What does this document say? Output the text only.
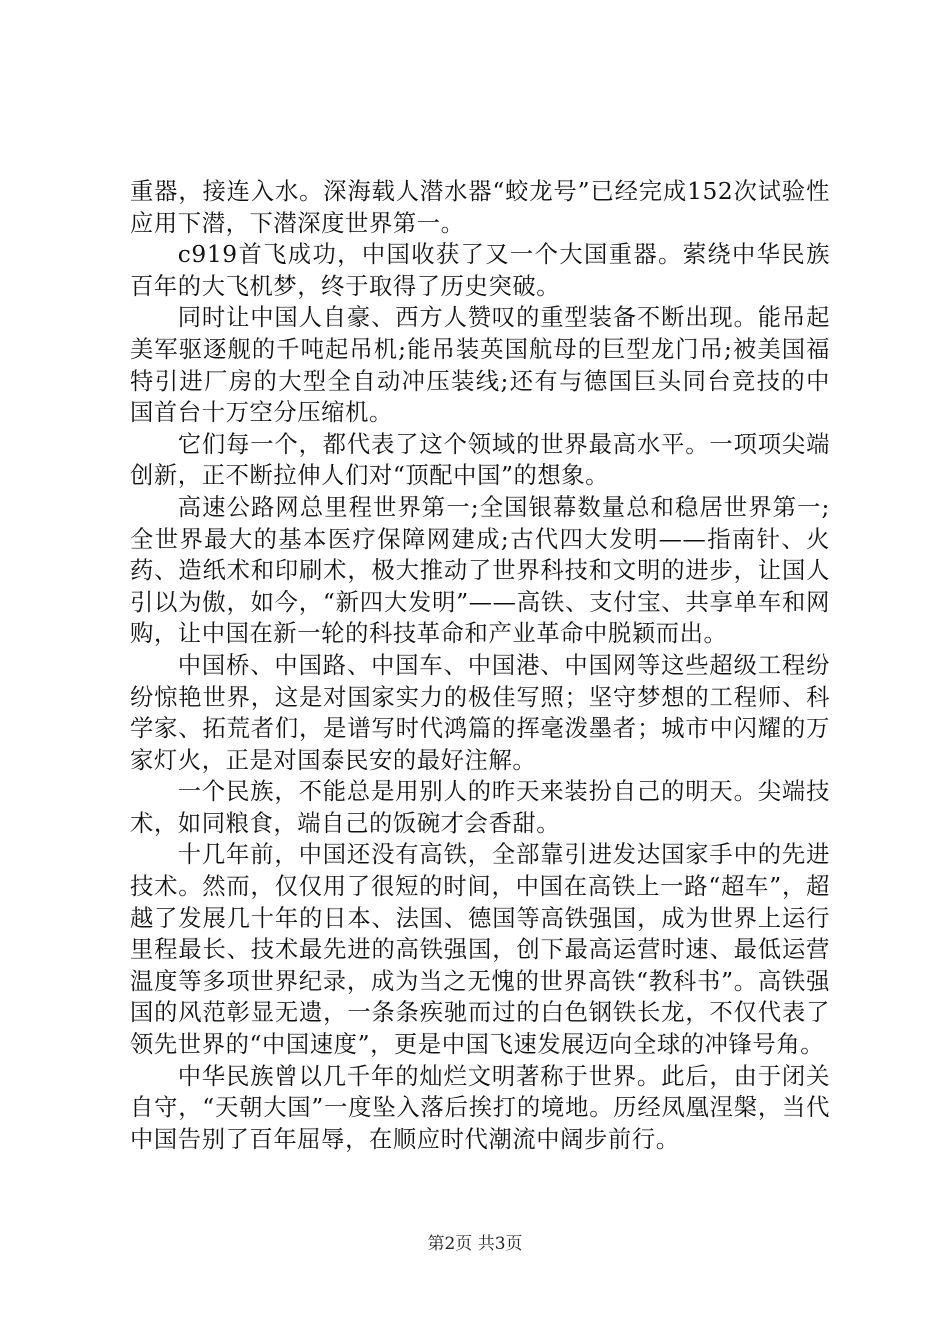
重器，接连入水。深海载人潜水器“蛟龙号”已经完成152次试验性应用下潜，下潜深度世界第一。

c919首飞成功，中国收获了又一个大国重器。萦绕中华民族百年的大飞机梦，终于取得了历史突破。

同时让中国人自豪、西方人赞叹的重型装备不断出现。能吊起美军驱逐舰的千吨起吊机;能吊装英国航母的巨型龙门吊;被美国福特引进厂房的大型全自动冲压装线;还有与德国巨头同台竞技的中国首台十万空分压缩机。

它们每一个，都代表了这个领域的世界最高水平。一项项尖端创新，正不断拉伸人们对“顶配中国”的想象。

高速公路网总里程世界第一;全国银幕数量总和稳居世界第一;全世界最大的基本医疗保障网建成;古代四大发明——指南针、火药、造纸术和印刷术，极大推动了世界科技和文明的进步，让国人引以为傲，如今，“新四大发明”——高铁、支付宝、共享单车和网购，让中国在新一轮的科技革命和产业革命中脱颖而出。

中国桥、中国路、中国车、中国港、中国网等这些超级工程纷纷惊艳世界，这是对国家实力的极佳写照；坚守梦想的工程师、科学家、拓荒者们，是谱写时代鸿篇的挥毫泼墨者；城市中闪耀的万家灯火，正是对国泰民安的最好注解。

一个民族，不能总是用别人的昨天来装扮自己的明天。尖端技术，如同粮食，端自己的饭碗才会香甜。

十几年前，中国还没有高铁，全部靠引进发达国家手中的先进技术。然而，仅仅用了很短的时间，中国在高铁上一路“超车”，超越了发展几十年的日本、法国、德国等高铁强国，成为世界上运行里程最长、技术最先进的高铁强国，创下最高运营时速、最低运营温度等多项世界纪录，成为当之无愧的世界高铁“教科书”。高铁强国的风范彰显无遗，一条条疾驰而过的白色钢铁长龙，不仅代表了领先世界的“中国速度”，更是中国飞速发展迈向全球的冲锋号角。

中华民族曾以几千年的灿烂文明著称于世界。此后，由于闭关自守，“天朝大国”一度坠入落后挨打的境地。历经凤凰涅槃，当代中国告别了百年屈辱，在顺应时代潮流中阔步前行。

第2页 共3页
